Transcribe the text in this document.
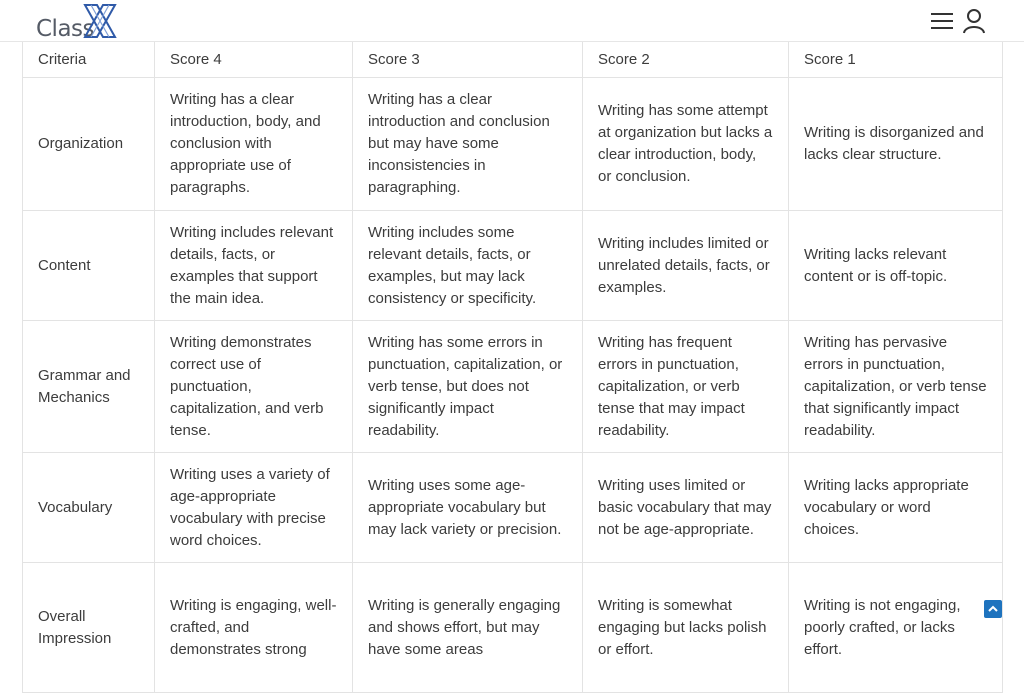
Class
Criteria	Score 4	Score 3	Score 2	Score 1
Organization	Writing has a clear introduction, body, and conclusion with appropriate use of paragraphs.	Writing has a clear introduction and conclusion but may have some inconsistencies in paragraphing.	Writing has some attempt at organization but lacks a clear introduction, body, or conclusion.	Writing is disorganized and lacks clear structure.
Content	Writing includes relevant details, facts, or examples that support the main idea.	Writing includes some relevant details, facts, or examples, but may lack consistency or specificity.	Writing includes limited or unrelated details, facts, or examples.	Writing lacks relevant content or is off-topic.
Grammar and Mechanics	Writing demonstrates correct use of punctuation, capitalization, and verb tense.	Writing has some errors in punctuation, capitalization, or verb tense, but does not significantly impact readability.	Writing has frequent errors in punctuation, capitalization, or verb tense that may impact readability.	Writing has pervasive errors in punctuation, capitalization, or verb tense that significantly impact readability.
Vocabulary	Writing uses a variety of age-appropriate vocabulary with precise word choices.	Writing uses some age-appropriate vocabulary but may lack variety or precision.	Writing uses limited or basic vocabulary that may not be age-appropriate.	Writing lacks appropriate vocabulary or word choices.
Overall Impression	Writing is engaging, well-crafted, and demonstrates strong	Writing is generally engaging and shows effort, but may have some areas	Writing is somewhat engaging but lacks polish or effort.	Writing is not engaging, poorly crafted, or lacks effort.
